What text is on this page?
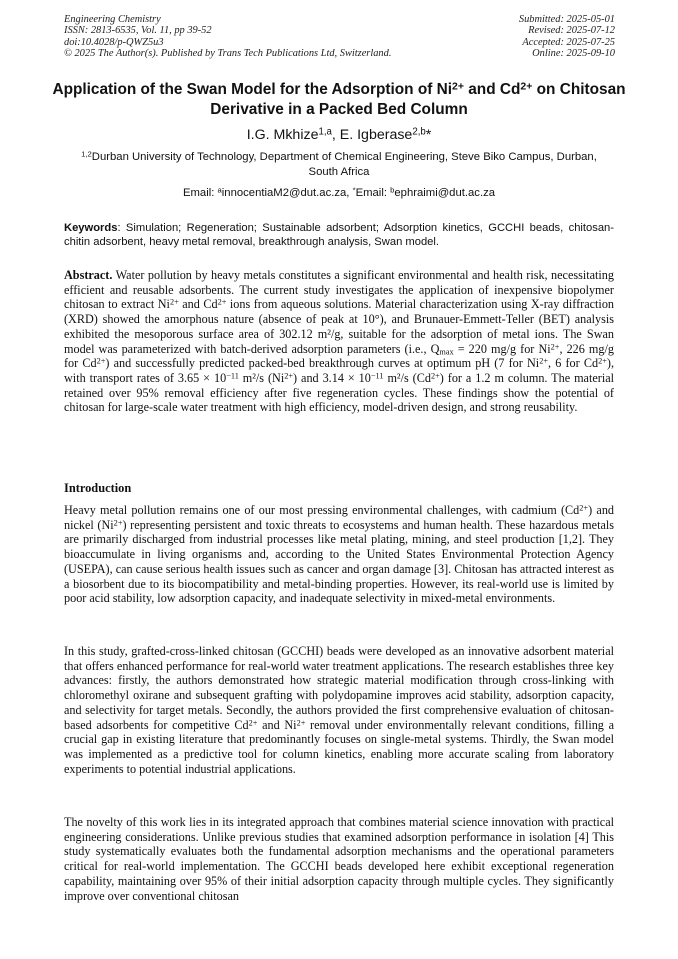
Engineering Chemistry
ISSN: 2813-6535, Vol. 11, pp 39-52
doi:10.4028/p-QWZ5u3
© 2025 The Author(s). Published by Trans Tech Publications Ltd, Switzerland.
Submitted: 2025-05-01
Revised: 2025-07-12
Accepted: 2025-07-25
Online: 2025-09-10
Application of the Swan Model for the Adsorption of $Ni^{2+}$ and $Cd^{2+}$ on Chitosan Derivative in a Packed Bed Column
I.G. Mkhize$^{1,a}$, E. Igberase$^{2,b}$*
$^{1,2}$Durban University of Technology, Department of Chemical Engineering, Steve Biko Campus, Durban, South Africa
Email: $^a$innocentiaM2@dut.ac.za, *Email: $^b$ephraimi@dut.ac.za
Keywords: Simulation; Regeneration; Sustainable adsorbent; Adsorption kinetics, GCCHI beads, chitosan-chitin adsorbent, heavy metal removal, breakthrough analysis, Swan model.
Abstract. Water pollution by heavy metals constitutes a significant environmental and health risk, necessitating efficient and reusable adsorbents. The current study investigates the application of inexpensive biopolymer chitosan to extract $Ni^{2+}$ and $Cd^{2+}$ ions from aqueous solutions. Material characterization using X-ray diffraction (XRD) showed the amorphous nature (absence of peak at 10°), and Brunauer-Emmett-Teller (BET) analysis exhibited the mesoporous surface area of 302.12 m²/g, suitable for the adsorption of metal ions. The Swan model was parameterized with batch-derived adsorption parameters (i.e., $Q_{max} = 220$ mg/g for $Ni^{2+}$, 226 mg/g for $Cd^{2+}$) and successfully predicted packed-bed breakthrough curves at optimum pH (7 for $Ni^{2+}$, 6 for $Cd^{2+}$), with transport rates of $3.65 \times 10^{-11}$ m²/s $(Ni^{2+})$ and $3.14 \times 10^{-11}$ m²/s $(Cd^{2+})$ for a 1.2 m column. The material retained over 95% removal efficiency after five regeneration cycles. These findings show the potential of chitosan for large-scale water treatment with high efficiency, model-driven design, and strong reusability.
Introduction
Heavy metal pollution remains one of our most pressing environmental challenges, with cadmium $(Cd^{2+})$ and nickel $(Ni^{2+})$ representing persistent and toxic threats to ecosystems and human health. These hazardous metals are primarily discharged from industrial processes like metal plating, mining, and steel production [1,2]. They bioaccumulate in living organisms and, according to the United States Environmental Protection Agency (USEPA), can cause serious health issues such as cancer and organ damage [3]. Chitosan has attracted interest as a biosorbent due to its biocompatibility and metal-binding properties. However, its real-world use is limited by poor acid stability, low adsorption capacity, and inadequate selectivity in mixed-metal environments.
In this study, grafted-cross-linked chitosan (GCCHI) beads were developed as an innovative adsorbent material that offers enhanced performance for real-world water treatment applications. The research establishes three key advances: firstly, the authors demonstrated how strategic material modification through cross-linking with chloromethyl oxirane and subsequent grafting with polydopamine improves acid stability, adsorption capacity, and selectivity for target metals. Secondly, the authors provided the first comprehensive evaluation of chitosan-based adsorbents for competitive $Cd^{2+}$ and $Ni^{2+}$ removal under environmentally relevant conditions, filling a crucial gap in existing literature that predominantly focuses on single-metal systems. Thirdly, the Swan model was implemented as a predictive tool for column kinetics, enabling more accurate scaling from laboratory experiments to potential industrial applications.
The novelty of this work lies in its integrated approach that combines material science innovation with practical engineering considerations. Unlike previous studies that examined adsorption performance in isolation [4] This study systematically evaluates both the fundamental adsorption mechanisms and the operational parameters critical for real-world implementation. The GCCHI beads developed here exhibit exceptional regeneration capability, maintaining over 95% of their initial adsorption capacity through multiple cycles. They significantly improve over conventional chitosan
